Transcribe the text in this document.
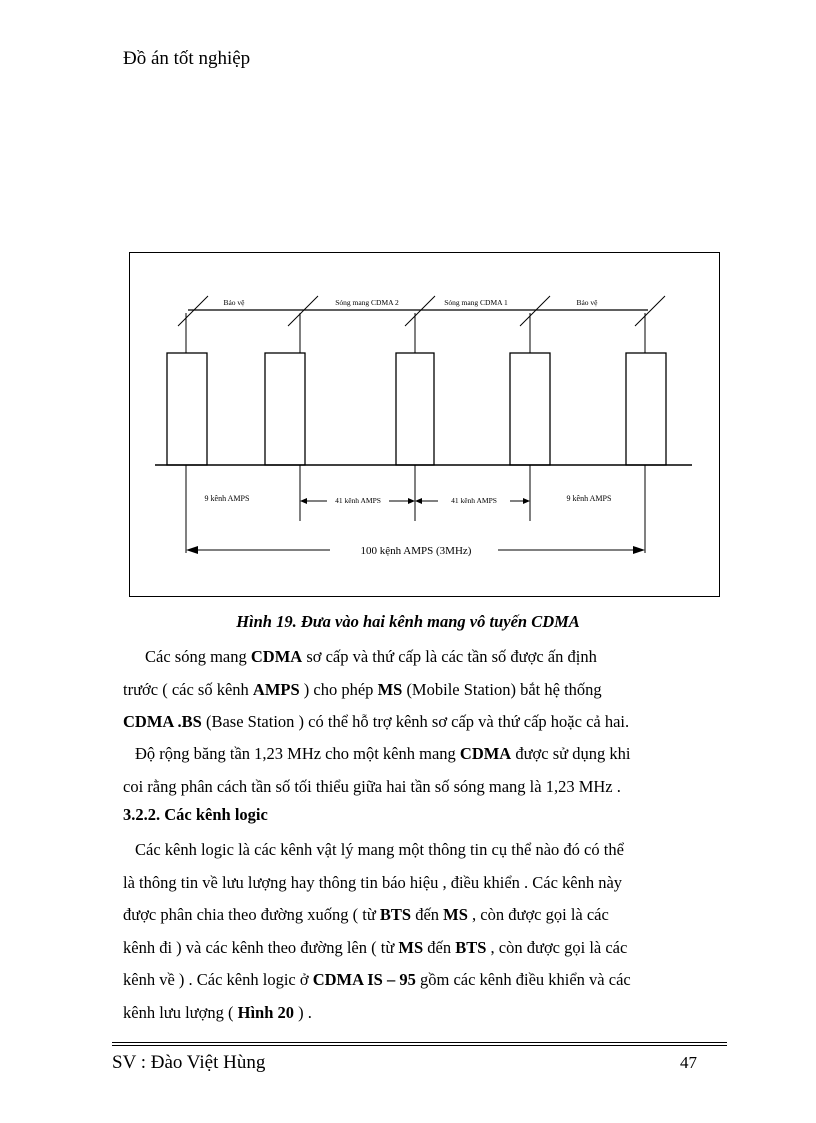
Đồ án tốt nghiệp
Bảo vệ	Sóng mang CDMA 2	Sóng mang CDMA 1	Bảo vệ
9 kênh AMPS	9 kênh AMPS
41 kênh AMPS	41 kênh AMPS
100 kệnh AMPS (3MHz)
Hình 19. Đưa vào hai kênh mang vô tuyến CDMA
Các sóng mang CDMA sơ cấp và thứ cấp là các tần số được ấn định
trước ( các số kênh AMPS ) cho phép MS (Mobile Station) bắt hệ thống
CDMA .BS (Base Station ) có thể hỗ trợ kênh sơ cấp và thứ cấp hoặc cả hai.
Độ rộng băng tần 1,23 MHz cho một kênh mang CDMA được sử dụng khi
coi rằng phân cách tần số tối thiểu giữa hai tần số sóng mang là 1,23 MHz .
3.2.2. Các kênh logic
Các kênh logic là các kênh vật lý mang một thông tin cụ thể nào đó có thể
là thông tin về lưu lượng hay thông tin báo hiệu , điều khiển . Các kênh này
được phân chia theo đường xuống ( từ BTS đến MS , còn được gọi là các
kênh đi ) và các kênh theo đường lên ( từ MS đến BTS , còn được gọi là các
kênh về ) . Các kênh logic ở CDMA IS – 95 gồm các kênh điều khiển và các
kênh lưu lượng ( Hình 20 ) .
SV : Đào Việt Hùng	47
